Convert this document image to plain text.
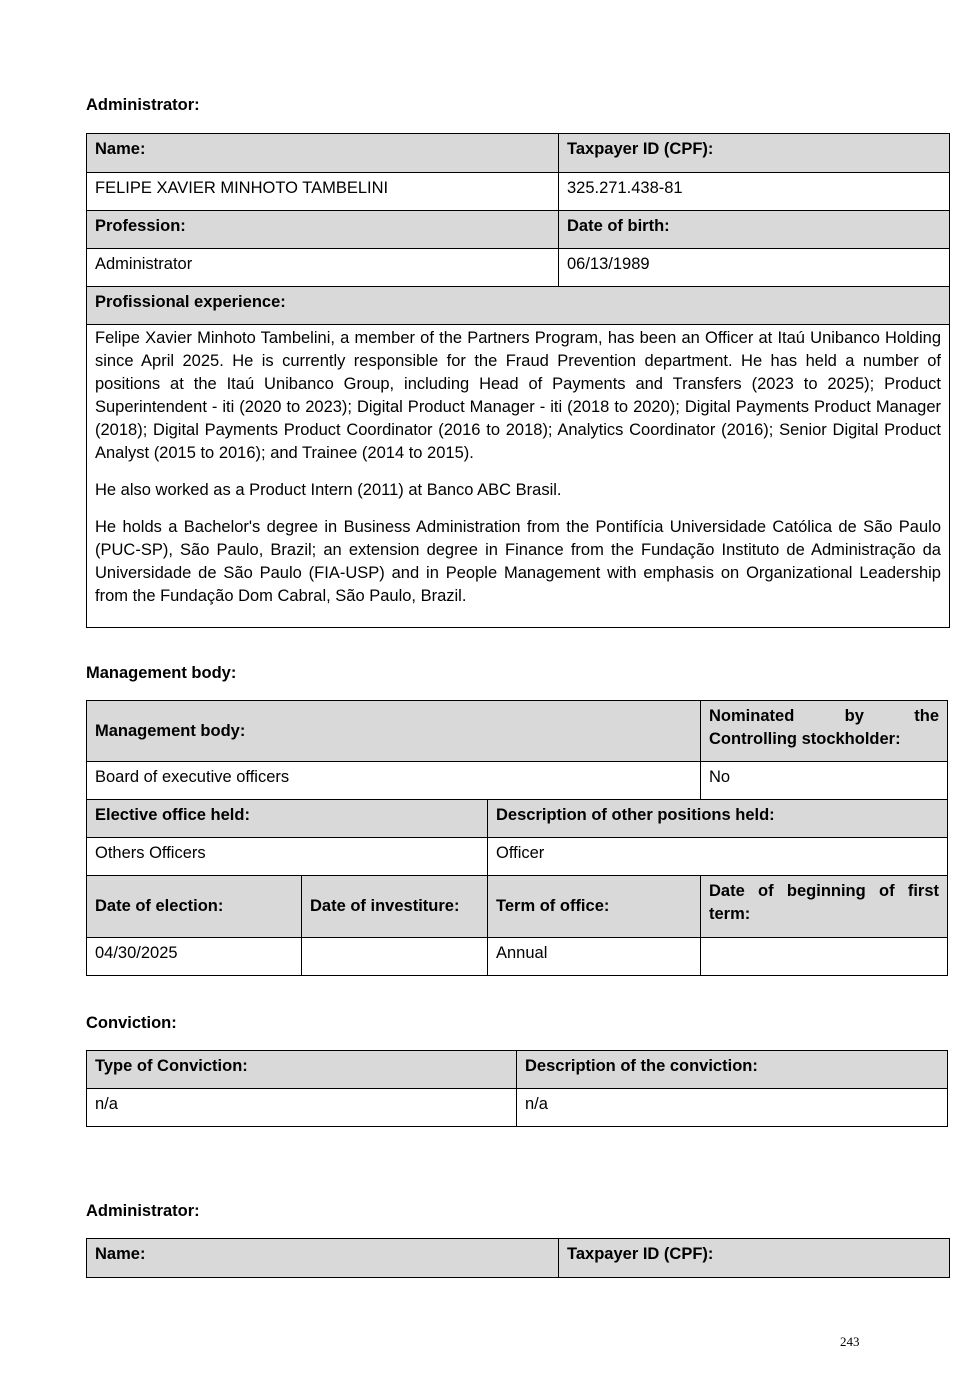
Administrator:
Name:	Taxpayer ID (CPF):
FELIPE XAVIER MINHOTO TAMBELINI	325.271.438-81
Profession:	Date of birth:
Administrator	06/13/1989
Profissional experience:	

Felipe Xavier Minhoto Tambelini, a member of the Partners Program, has been an Officer at Itaú Unibanco Holding since April 2025. He is currently responsible for the Fraud Prevention department. He has held a number of positions at the Itaú Unibanco Group, including Head of Payments and Transfers (2023 to 2025); Product Superintendent - iti (2020 to 2023); Digital Product Manager - iti (2018 to 2020); Digital Payments Product Manager (2018); Digital Payments Product Coordinator (2016 to 2018); Analytics Coordinator (2016); Senior Digital Product Analyst (2015 to 2016); and Trainee (2014 to 2015).

He also worked as a Product Intern (2011) at Banco ABC Brasil.

He holds a Bachelor's degree in Business Administration from the Pontifícia Universidade Católica de São Paulo (PUC-SP), São Paulo, Brazil; an extension degree in Finance from the Fundação Instituto de Administração da Universidade de São Paulo (FIA-USP) and in People Management with emphasis on Organizational Leadership from the Fundação Dom Cabral, São Paulo, Brazil.	

Management body:
Management body:			Nominated by the Controlling stockholder:

Board of executive officers			No
Elective office held:		Description of other positions held:	
Others Officers		Officer	
Date of election:	Date of investiture:	Term of office:	Date of beginning of first term:

04/30/2025		Annual	
Conviction:
Type of Conviction:	Description of the conviction:
n/a	n/a
Administrator:
Name:	Taxpayer ID (CPF):
243
